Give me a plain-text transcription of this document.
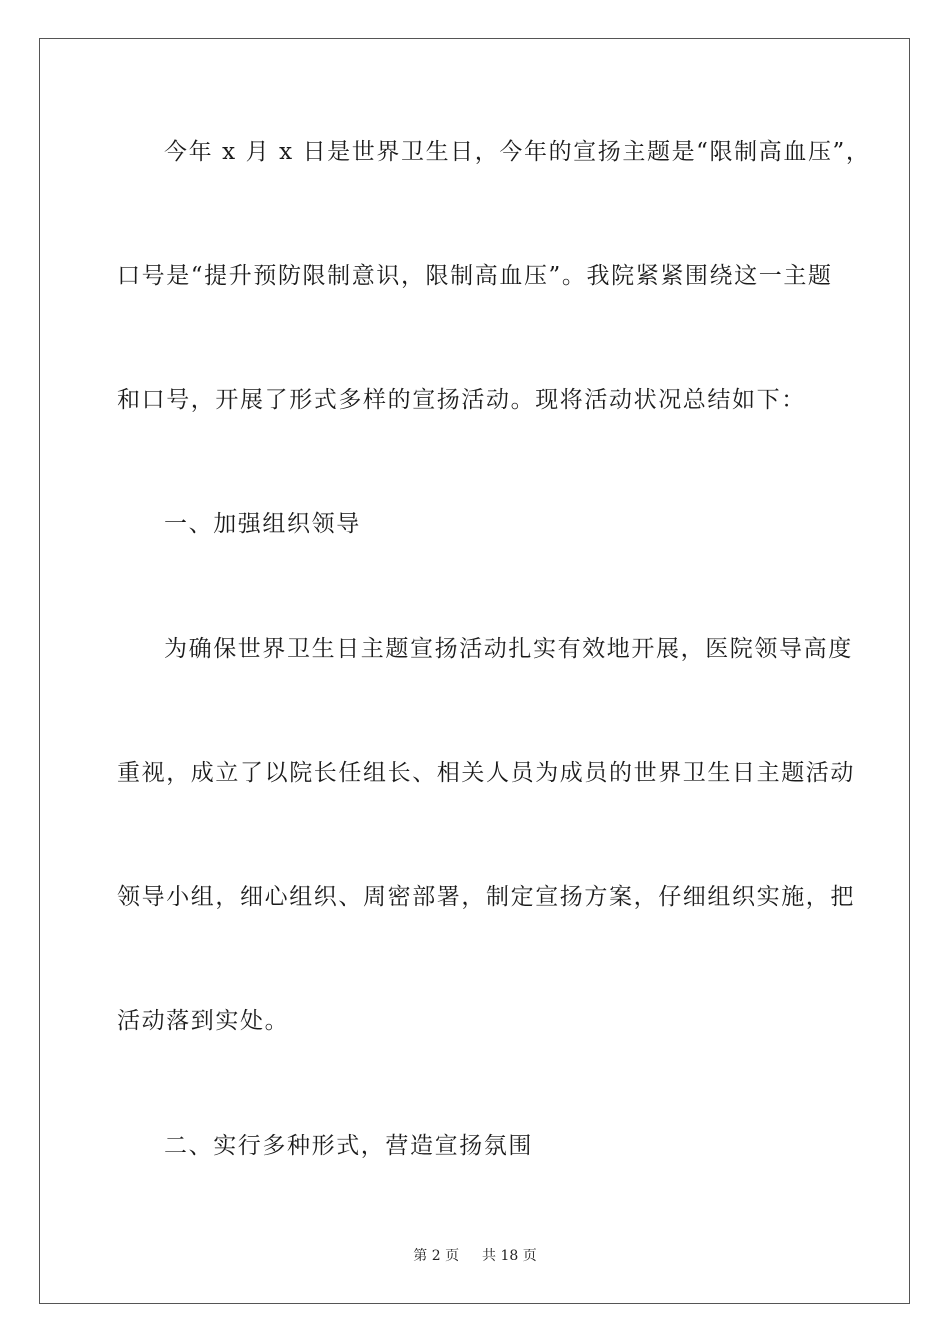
今年 x 月 x 日是世界卫生日，今年的宣扬主题是“限制高血压”，
口号是“提升预防限制意识，限制高血压”。我院紧紧围绕这一主题
和口号，开展了形式多样的宣扬活动。现将活动状况总结如下：
一、加强组织领导
为确保世界卫生日主题宣扬活动扎实有效地开展，医院领导高度
重视，成立了以院长任组长、相关人员为成员的世界卫生日主题活动
领导小组，细心组织、周密部署，制定宣扬方案，仔细组织实施，把
活动落到实处。
二、实行多种形式，营造宣扬氛围
第 2 页 共 18 页
